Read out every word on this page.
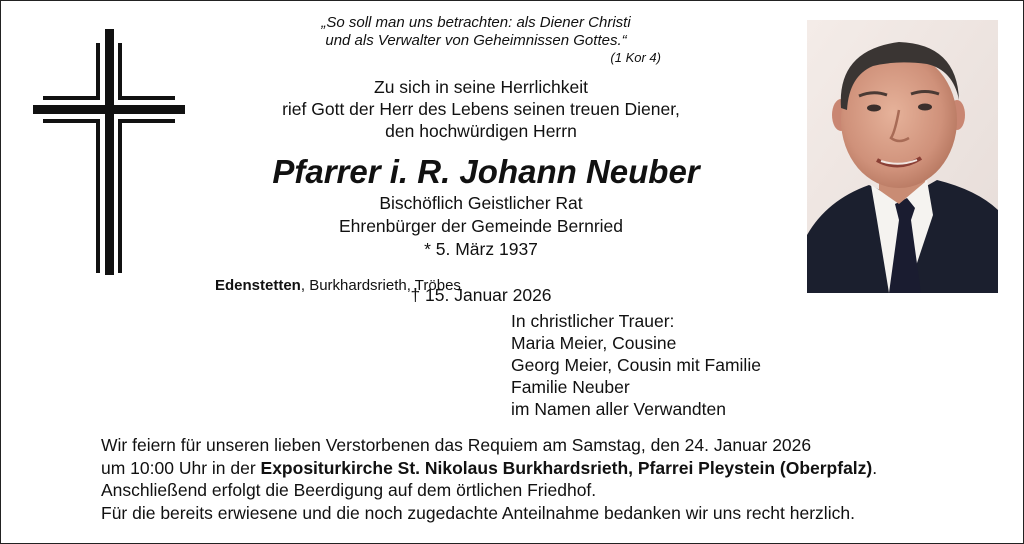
„So soll man uns betrachten: als Diener Christi
und als Verwalter von Geheimnissen Gottes.“
(1 Kor 4)
Zu sich in seine Herrlichkeit
rief Gott der Herr des Lebens seinen treuen Diener,
den hochwürdigen Herrn
Pfarrer i. R. Johann Neuber
Bischöflich Geistlicher Rat
Ehrenbürger der Gemeinde Bernried
* 5. März 1937
† 15. Januar 2026
Edenstetten, Burkhardsrieth, Tröbes
In christlicher Trauer:
Maria Meier, Cousine
Georg Meier, Cousin mit Familie
Familie Neuber
im Namen aller Verwandten
Wir feiern für unseren lieben Verstorbenen das Requiem am Samstag, den 24. Januar 2026
um 10:00 Uhr in der Expositurkirche St. Nikolaus Burkhardsrieth, Pfarrei Pleystein (Oberpfalz).
Anschließend erfolgt die Beerdigung auf dem örtlichen Friedhof.
Für die bereits erwiesene und die noch zugedachte Anteilnahme bedanken wir uns recht herzlich.
